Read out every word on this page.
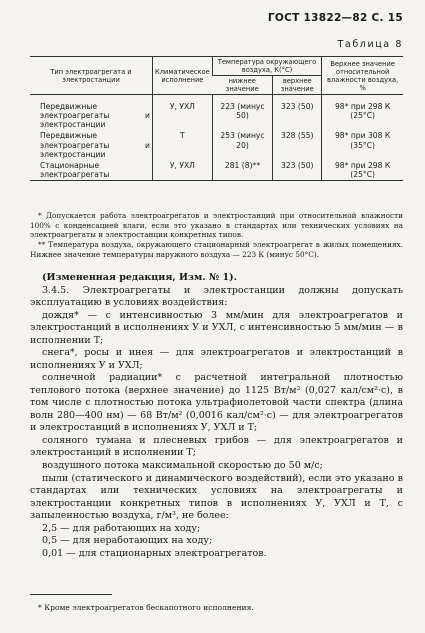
ГОСТ 13822—82 С. 15
Таблица 8
Тип электроагрегата и электростанции	Климатическое исполнение	Температура окружающего воздуха, К(°С)		Верхнее значение относительной влажности воздуха, %
		нижнее значение	верхнее значение	
Передвижные электроагрегаты и электростанции	У, УХЛ	223 (минус 50)	323 (50)	98* при 298 К (25°С)
Передвижные электроагрегаты и электростанции	Т	253 (минус 20)	328 (55)	98* при 308 К (35°С)
Стационарные электроагрегаты	У, УХЛ	281 (8)**	323 (50)	98* при 298 К (25°С)

* Допускается работа электроагрегатов и электростанций при относительной влажности 100% с конденсацией влаги, если это указано в стандартах или технических условиях на электроагрегаты и электростанции конкретных типов.

** Температура воздуха, окружающего стационарный электроагрегат в жилых помещениях. Нижнее значение температуры наружного воздуха — 223 К (минус 50°С).

(Измененная редакция, Изм. № 1).

3.4.5. Электроагрегаты и электростанции должны допускать эксплуатацию в условиях воздействия:

дождя* — с интенсивностью 3 мм/мин для электроагрегатов и электростанций в исполнениях У и УХЛ, с интенсивностью 5 мм/мин — в исполнении Т;

снега*, росы и инея — для электроагрегатов и электростанций в исполнениях У и УХЛ;

солнечной радиации* с расчетной интегральной плотностью теплового потока (верхнее значение) до 1125 Вт/м² (0,027 кал/см²·с), в том числе с плотностью потока ультрафиолетовой части спектра (длина волн 280—400 нм) — 68 Вт/м² (0,0016 кал/см²·с) — для электроагрегатов и электростанций в исполнениях У, УХЛ и Т;

соляного тумана и плесневых грибов — для электроагрегатов и электростанций в исполнении Т;

воздушного потока максимальной скоростью до 50 м/с;

пыли (статического и динамического воздействий), если это указано в стандартах или технических условиях на электроагрегаты и электростанции конкретных типов в исполнениях У, УХЛ и Т, с запыленностью воздуха, г/м³, не более:

2,5 — для работающих на ходу;

0,5 — для неработающих на ходу;

0,01 — для стационарных электроагрегатов.

* Кроме электроагрегатов бескапотного исполнения.
